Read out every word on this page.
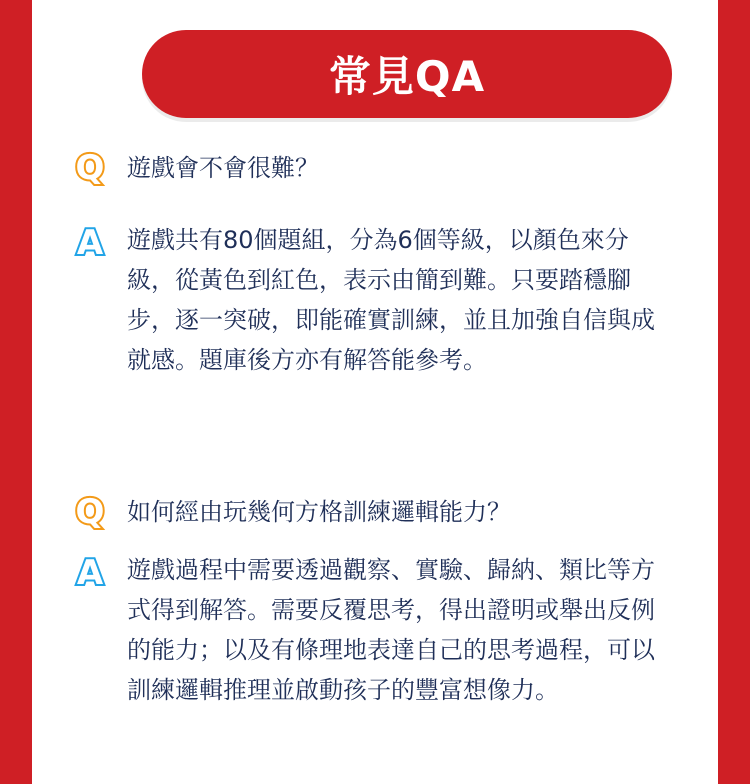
常見QA
Q 遊戲會不會很難？
A 遊戲共有80個題組，分為6個等級，以顏色來分級，從黃色到紅色，表示由簡到難。只要踏穩腳步，逐一突破，即能確實訓練，並且加強自信與成就感。題庫後方亦有解答能參考。
Q 如何經由玩幾何方格訓練邏輯能力？
A 遊戲過程中需要透過觀察、實驗、歸納、類比等方式得到解答。需要反覆思考，得出證明或舉出反例的能力；以及有條理地表達自己的思考過程，可以訓練邏輯推理並啟動孩子的豐富想像力。
